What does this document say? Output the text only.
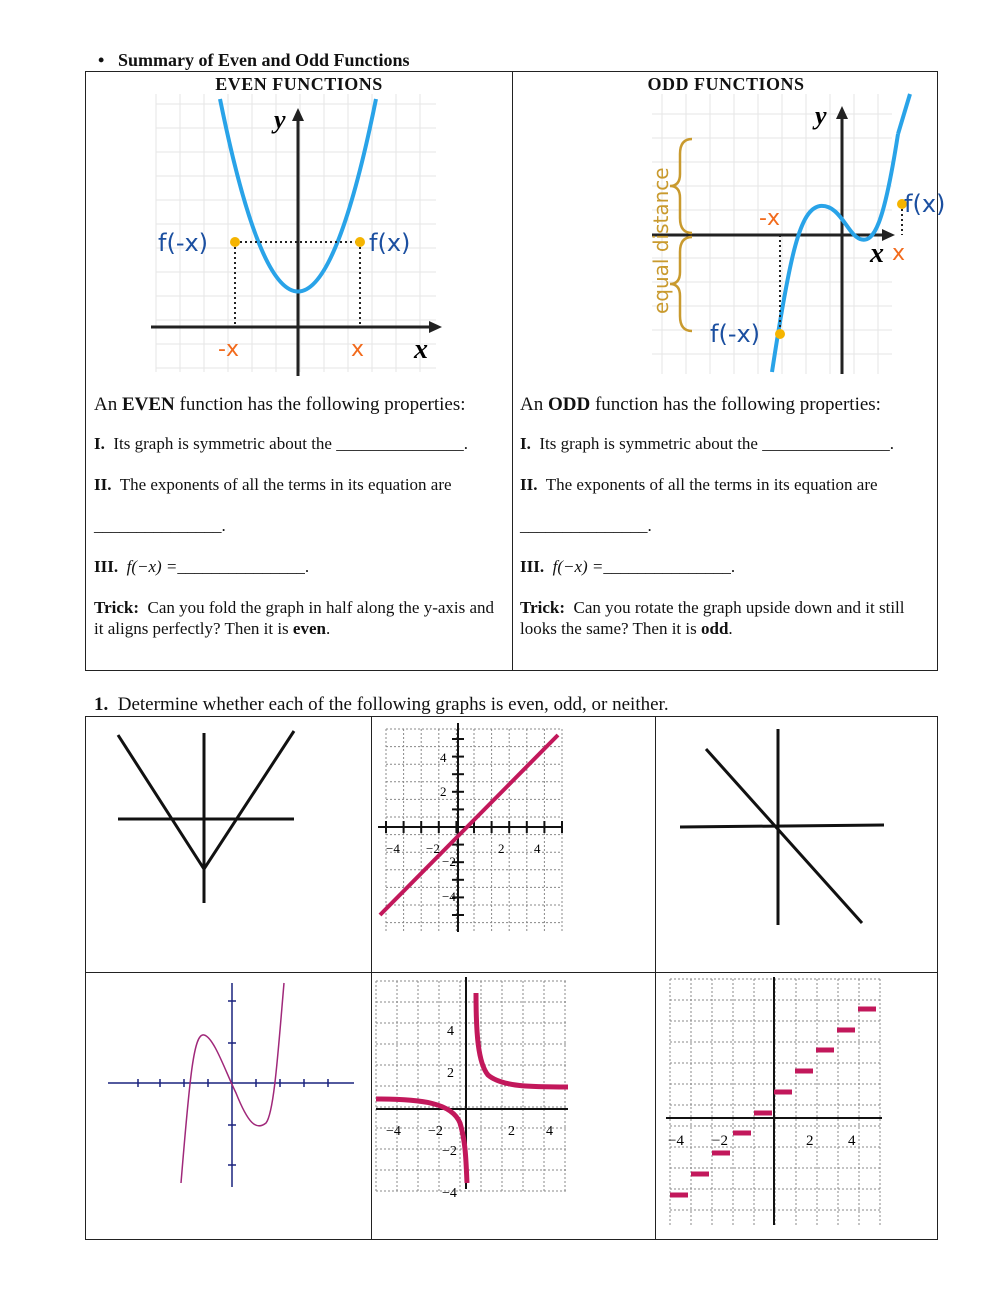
• Summary of Even and Odd Functions
EVEN FUNCTIONS
y
x
f(-x)	f(x)
-x	x
An EVEN function has the following properties:

I. Its graph is symmetric about the _______________.

II. The exponents of all the terms in its equation are

_______________.

III. f(−x) =_______________.

Trick: Can you fold the graph in half along the y-axis and it aligns perfectly? Then it is even.

ODD FUNCTIONS
y
x
f(x)
f(-x)
-x
x
equal distance
An ODD function has the following properties:

I. Its graph is symmetric about the _______________.

II. The exponents of all the terms in its equation are

_______________.

III. f(−x) =_______________.

Trick: Can you rotate the graph upside down and it still looks the same? Then it is odd.

1. Determine whether each of the following graphs is even, odd, or neither.
4
2
−2
−4
−4 −2	2 4
4
2
−2
−4
−4 −2	2 4
−4 −2	2 4
